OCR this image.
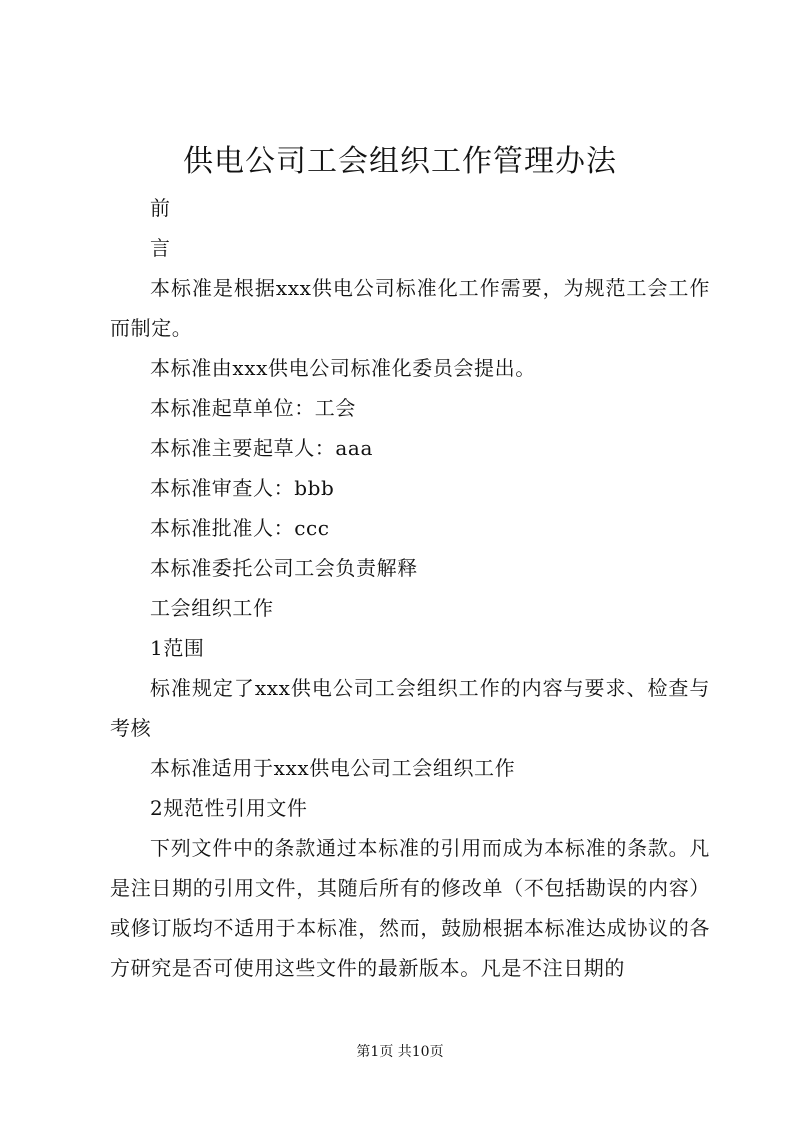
供电公司工会组织工作管理办法

前

言

本标准是根据xxx供电公司标准化工作需要，为规范工会工作而制定。

本标准由xxx供电公司标准化委员会提出。

本标准起草单位：工会

本标准主要起草人：aaa

本标准审查人：bbb

本标准批准人：ccc

本标准委托公司工会负责解释

工会组织工作

1范围

标准规定了xxx供电公司工会组织工作的内容与要求、检查与考核

本标准适用于xxx供电公司工会组织工作

2规范性引用文件

下列文件中的条款通过本标准的引用而成为本标准的条款。凡是注日期的引用文件，其随后所有的修改单（不包括勘误的内容）或修订版均不适用于本标准，然而，鼓励根据本标准达成协议的各方研究是否可使用这些文件的最新版本。凡是不注日期的

第1页 共10页
